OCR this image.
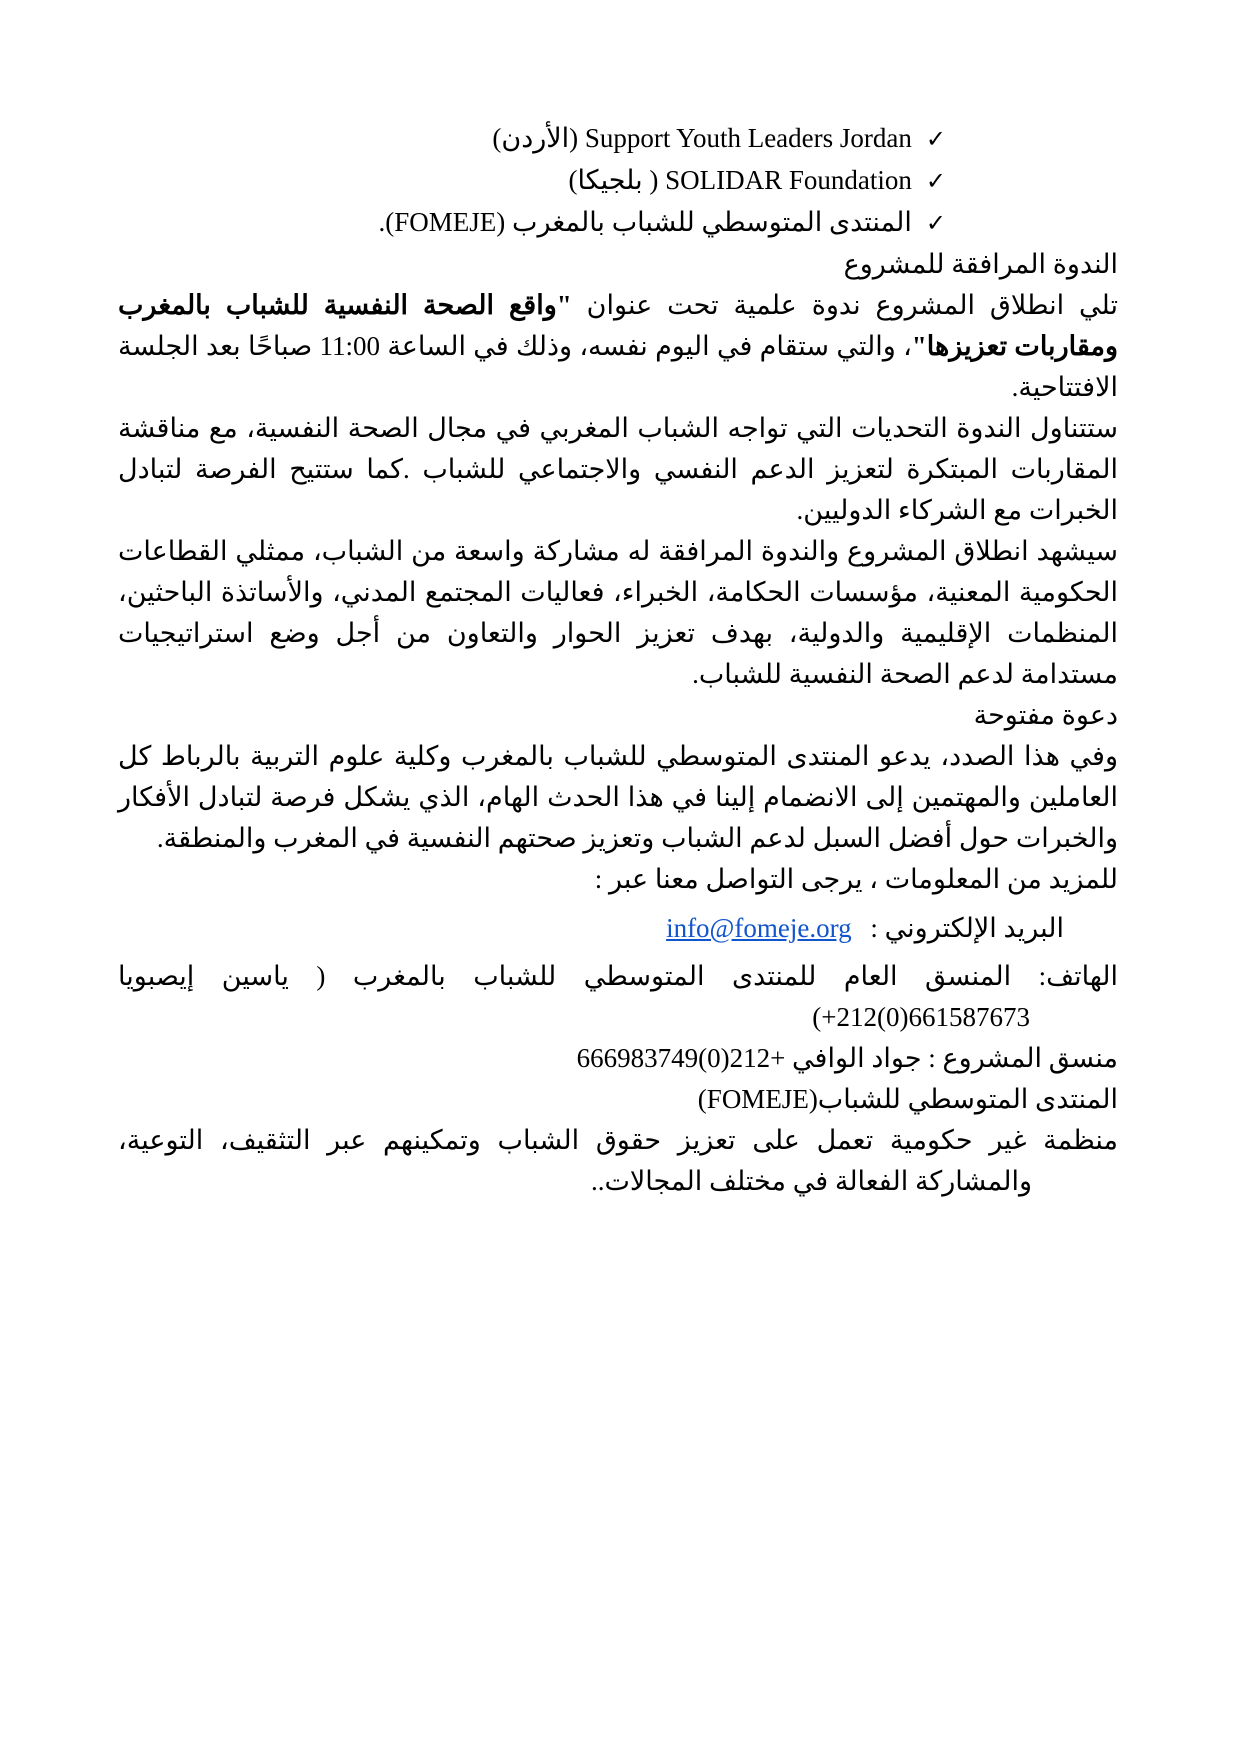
✓
Support Youth Leaders Jordan (الأردن)
✓
SOLIDAR Foundation ( بلجيكا)
✓
المنتدى المتوسطي للشباب بالمغرب (FOMEJE).
الندوة المرافقة للمشروع

تلي انطلاق المشروع ندوة علمية تحت عنوان "واقع الصحة النفسية للشباب بالمغرب ومقاربات تعزيزها"، والتي ستقام في اليوم نفسه، وذلك في الساعة 11:00 صباحًا بعد الجلسة الافتتاحية.

ستتناول الندوة التحديات التي تواجه الشباب المغربي في مجال الصحة النفسية، مع مناقشة المقاربات المبتكرة لتعزيز الدعم النفسي والاجتماعي للشباب .كما ستتيح الفرصة لتبادل الخبرات مع الشركاء الدوليين.

سيشهد انطلاق المشروع والندوة المرافقة له مشاركة واسعة من الشباب، ممثلي القطاعات الحكومية المعنية، مؤسسات الحكامة، الخبراء، فعاليات المجتمع المدني، والأساتذة الباحثين، المنظمات الإقليمية والدولية، بهدف تعزيز الحوار والتعاون من أجل وضع استراتيجيات مستدامة لدعم الصحة النفسية للشباب.

دعوة مفتوحة

وفي هذا الصدد، يدعو المنتدى المتوسطي للشباب بالمغرب وكلية علوم التربية بالرباط كل العاملين والمهتمين إلى الانضمام إلينا في هذا الحدث الهام، الذي يشكل فرصة لتبادل الأفكار والخبرات حول أفضل السبل لدعم الشباب وتعزيز صحتهم النفسية في المغرب والمنطقة.

للمزيد من المعلومات ، يرجى التواصل معنا عبر :
البريد الإلكتروني : info@fomeje.org
الهاتف: المنسق العام للمنتدى المتوسطي للشباب بالمغرب ( ياسين إيصبويا
(+212(0)661587673
منسق المشروع : جواد الوافي +212(0)666983749
المنتدى المتوسطي للشباب(FOMEJE)
منظمة غير حكومية تعمل على تعزيز حقوق الشباب وتمكينهم عبر التثقيف، التوعية،
والمشاركة الفعالة في مختلف المجالات..
